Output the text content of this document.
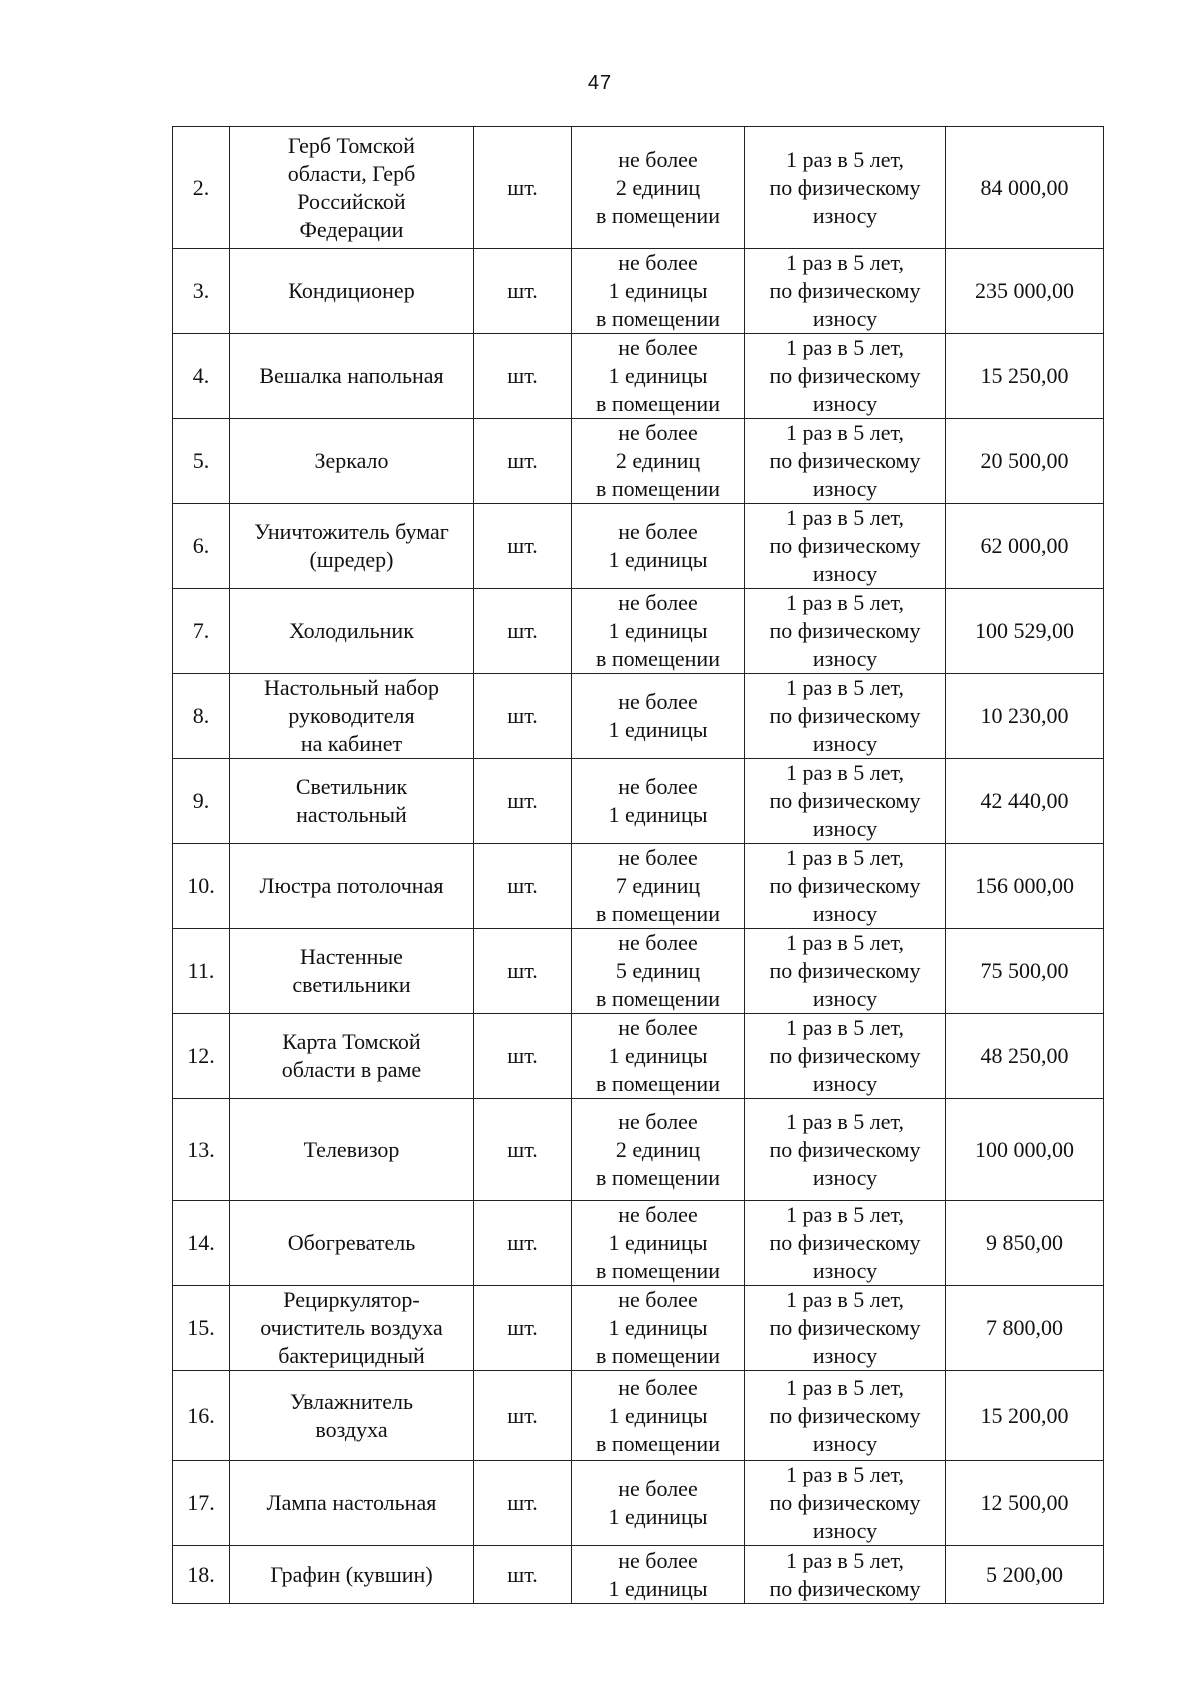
47
2.	Герб Томской
области, Герб
Российской
Федерации	шт.	не более
2 единиц
в помещении	1 раз в 5 лет,
по физическому
износу	84 000,00
3.	Кондиционер	шт.	не более
1 единицы
в помещении	1 раз в 5 лет,
по физическому
износу	235 000,00
4.	Вешалка напольная	шт.	не более
1 единицы
в помещении	1 раз в 5 лет,
по физическому
износу	15 250,00
5.	Зеркало	шт.	не более
2 единиц
в помещении	1 раз в 5 лет,
по физическому
износу	20 500,00
6.	Уничтожитель бумаг
(шредер)	шт.	не более
1 единицы	1 раз в 5 лет,
по физическому
износу	62 000,00
7.	Холодильник	шт.	не более
1 единицы
в помещении	1 раз в 5 лет,
по физическому
износу	100 529,00
8.	Настольный набор
руководителя
на кабинет	шт.	не более
1 единицы	1 раз в 5 лет,
по физическому
износу	10 230,00
9.	Светильник
настольный	шт.	не более
1 единицы	1 раз в 5 лет,
по физическому
износу	42 440,00
10.	Люстра потолочная	шт.	не более
7 единиц
в помещении	1 раз в 5 лет,
по физическому
износу	156 000,00
11.	Настенные
светильники	шт.	не более
5 единиц
в помещении	1 раз в 5 лет,
по физическому
износу	75 500,00
12.	Карта Томской
области в раме	шт.	не более
1 единицы
в помещении	1 раз в 5 лет,
по физическому
износу	48 250,00
13.	Телевизор	шт.	не более
2 единиц
в помещении	1 раз в 5 лет,
по физическому
износу	100 000,00
14.	Обогреватель	шт.	не более
1 единицы
в помещении	1 раз в 5 лет,
по физическому
износу	9 850,00
15.	Рециркулятор-
очиститель воздуха
бактерицидный	шт.	не более
1 единицы
в помещении	1 раз в 5 лет,
по физическому
износу	7 800,00
16.	Увлажнитель
воздуха	шт.	не более
1 единицы
в помещении	1 раз в 5 лет,
по физическому
износу	15 200,00
17.	Лампа настольная	шт.	не более
1 единицы	1 раз в 5 лет,
по физическому
износу	12 500,00
18.	Графин (кувшин)	шт.	не более
1 единицы	1 раз в 5 лет,
по физическому	5 200,00
